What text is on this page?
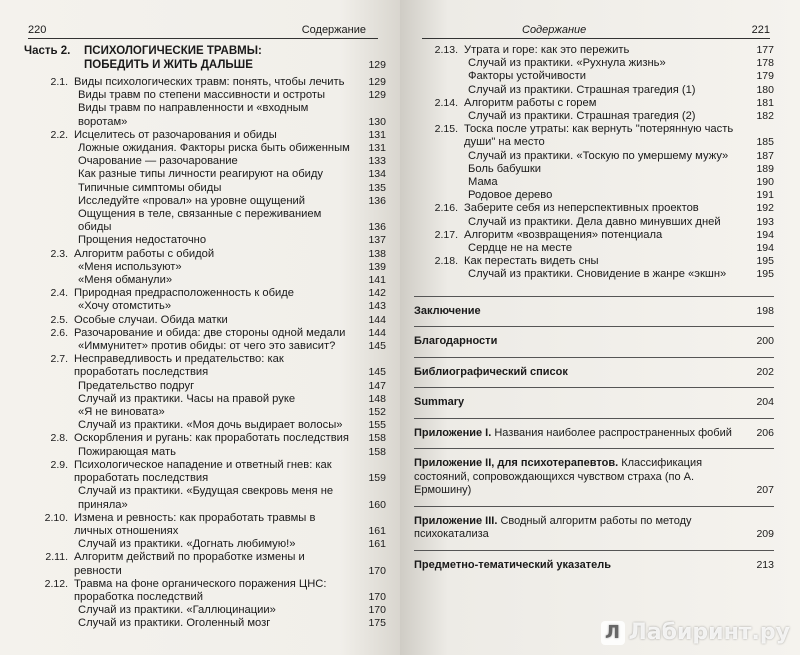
220	Содержание
Часть 2. ПСИХОЛОГИЧЕСКИЕ ТРАВМЫ:
ПОБЕДИТЬ И ЖИТЬ ДАЛЬШЕ	129
2.1. Виды психологических травм: понять, чтобы лечить	129
Виды травм по степени массивности и остроты	129
Виды травм по направленности и «входным воротам»	130
2.2. Исцелитесь от разочарования и обиды	131
Ложные ожидания. Факторы риска быть обиженным	131
Очарование — разочарование	133
Как разные типы личности реагируют на обиду	134
Типичные симптомы обиды	135
Исследуйте «провал» на уровне ощущений	136
Ощущения в теле, связанные с переживанием обиды	136
Прощения недостаточно	137
2.3. Алгоритм работы с обидой	138
«Меня используют»	139
«Меня обманули»	141
2.4. Природная предрасположенность к обиде	142
«Хочу отомстить»	143
2.5. Особые случаи. Обида матки	144
2.6. Разочарование и обида: две стороны одной медали	144
«Иммунитет» против обиды: от чего это зависит?	145
2.7. Несправедливость и предательство: как проработать последствия	145
Предательство подруг	147
Случай из практики. Часы на правой руке	148
«Я не виновата»	152
Случай из практики. «Моя дочь выдирает волосы»	155
2.8. Оскорбления и ругань: как проработать последствия	158
Пожирающая мать	158
2.9. Психологическое нападение и ответный гнев: как проработать последствия	159
Случай из практики. «Будущая свекровь меня не приняла»	160
2.10. Измена и ревность: как проработать травмы в личных отношениях	161
Случай из практики. «Догнать любимую!»	161
2.11. Алгоритм действий по проработке измены и ревности	170
2.12. Травма на фоне органического поражения ЦНС: проработка последствий	170
Случай из практики. «Галлюцинации»	170
Случай из практики. Оголенный мозг	175
Содержание	221
2.13. Утрата и горе: как это пережить	177
Случай из практики. «Рухнула жизнь»	178
Факторы устойчивости	179
Случай из практики. Страшная трагедия (1)	180
2.14. Алгоритм работы с горем	181
Случай из практики. Страшная трагедия (2)	182
2.15. Тоска после утраты: как вернуть "потерянную часть души" на место	185
Случай из практики. «Тоскую по умершему мужу»	187
Боль бабушки	189
Мама	190
Родовое дерево	191
2.16. Заберите себя из неперспективных проектов	192
Случай из практики. Дела давно минувших дней	193
2.17. Алгоритм «возвращения» потенциала	194
Сердце не на месте	194
2.18. Как перестать видеть сны	195
Случай из практики. Сновидение в жанре «экшн»	195
Заключение	198
Благодарности	200
Библиографический список	202
Summary	204
Приложение I. Названия наиболее распространенных фобий 206
Приложение II, для психотерапевтов. Классификация состояний, сопровождающихся чувством страха (по А. Ермошину)	207
Приложение III. Сводный алгоритм работы по методу психокатализа	209
Предметно-тематический указатель	213
Л Лабиринт.ру
